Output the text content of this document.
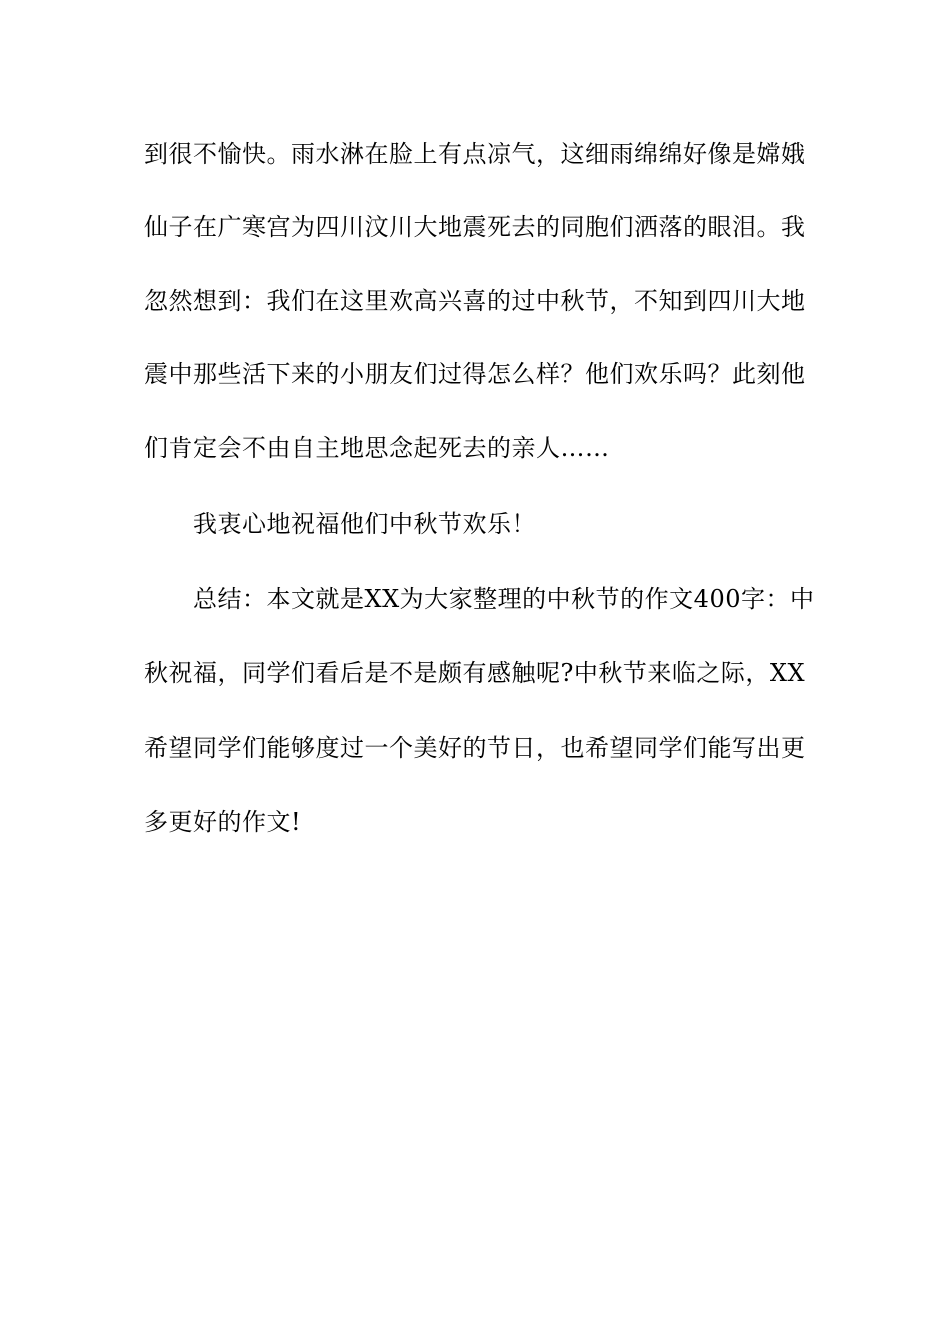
到很不愉快。雨水淋在脸上有点凉气，这细雨绵绵好像是嫦娥
仙子在广寒宫为四川汶川大地震死去的同胞们洒落的眼泪。我
忽然想到：我们在这里欢高兴喜的过中秋节，不知到四川大地
震中那些活下来的小朋友们过得怎么样？他们欢乐吗？此刻他
们肯定会不由自主地思念起死去的亲人……
我衷心地祝福他们中秋节欢乐！
总结：本文就是XX为大家整理的中秋节的作文400字：中
秋祝福，同学们看后是不是颇有感触呢?中秋节来临之际，XX
希望同学们能够度过一个美好的节日，也希望同学们能写出更
多更好的作文!
